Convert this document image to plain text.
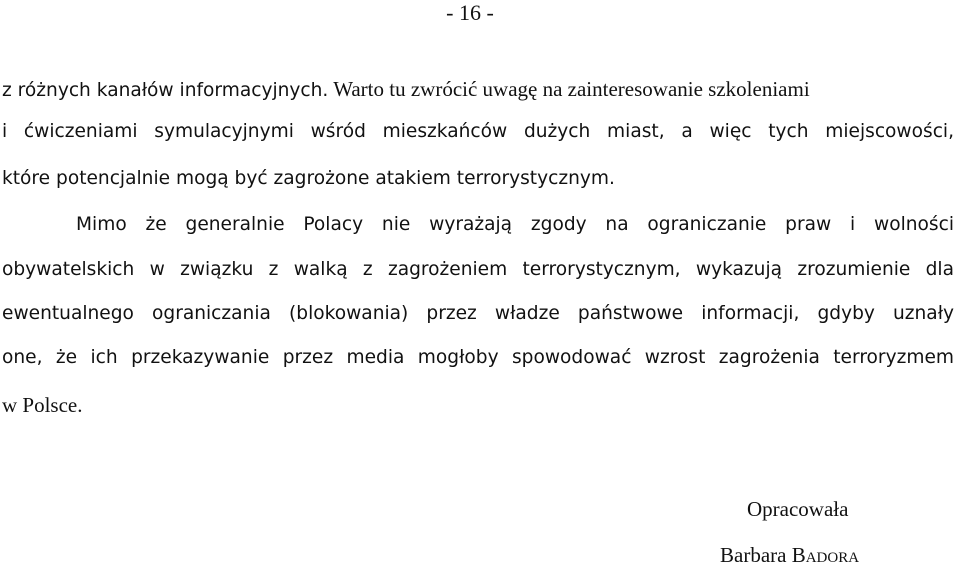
- 16 -
z różnych kanałów informacyjnych. Warto tu zwrócić uwagę na zainteresowanie szkoleniami
i ćwiczeniami symulacyjnymi wśród mieszkańców dużych miast, a więc tych miejscowości,
które potencjalnie mogą być zagrożone atakiem terrorystycznym.
Mimo że generalnie Polacy nie wyrażają zgody na ograniczanie praw i wolności
obywatelskich w związku z walką z zagrożeniem terrorystycznym, wykazują zrozumienie dla
ewentualnego ograniczania (blokowania) przez władze państwowe informacji, gdyby uznały
one, że ich przekazywanie przez media mogłoby spowodować wzrost zagrożenia terroryzmem
w Polsce.
Opracowała
Barbara Badora
